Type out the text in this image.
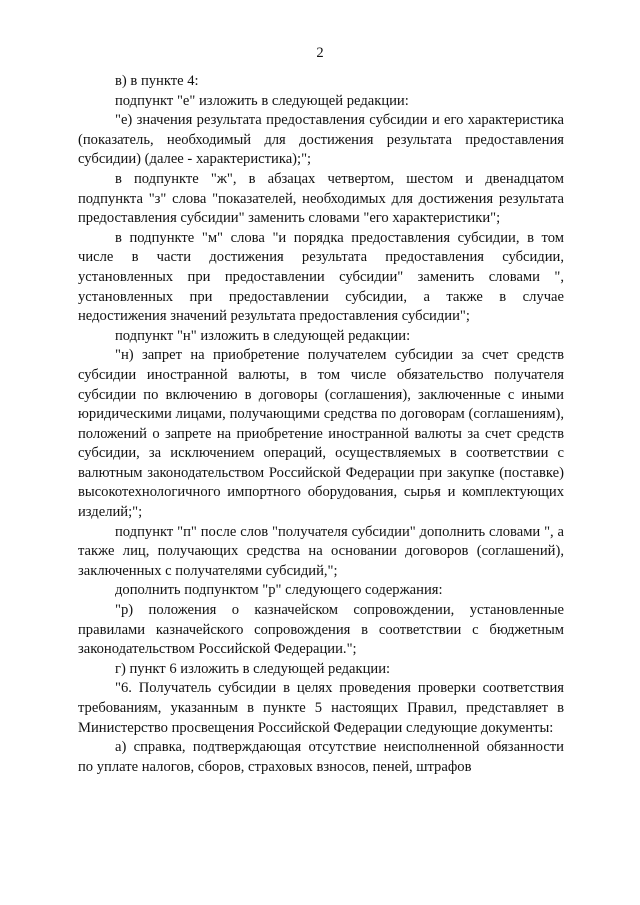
2

в) в пункте 4:

подпункт "е" изложить в следующей редакции:

"е) значения результата предоставления субсидии и его характеристика (показатель, необходимый для достижения результата предоставления субсидии) (далее - характеристика);";

в подпункте "ж", в абзацах четвертом, шестом и двенадцатом подпункта "з" слова "показателей, необходимых для достижения результата предоставления субсидии" заменить словами "его характеристики";

в подпункте "м" слова "и порядка предоставления субсидии, в том числе в части достижения результата предоставления субсидии, установленных при предоставлении субсидии" заменить словами ", установленных при предоставлении субсидии, а также в случае недостижения значений результата предоставления субсидии";

подпункт "н" изложить в следующей редакции:

"н) запрет на приобретение получателем субсидии за счет средств субсидии иностранной валюты, в том числе обязательство получателя субсидии по включению в договоры (соглашения), заключенные с иными юридическими лицами, получающими средства по договорам (соглашениям), положений о запрете на приобретение иностранной валюты за счет средств субсидии, за исключением операций, осуществляемых в соответствии с валютным законодательством Российской Федерации при закупке (поставке) высокотехнологичного импортного оборудования, сырья и комплектующих изделий;";

подпункт "п" после слов "получателя субсидии" дополнить словами ", а также лиц, получающих средства на основании договоров (соглашений), заключенных с получателями субсидий,";

дополнить подпунктом "р" следующего содержания:

"р) положения о казначейском сопровождении, установленные правилами казначейского сопровождения в соответствии с бюджетным законодательством Российской Федерации.";

г) пункт 6 изложить в следующей редакции:

"6. Получатель субсидии в целях проведения проверки соответствия требованиям, указанным в пункте 5 настоящих Правил, представляет в Министерство просвещения Российской Федерации следующие документы:

а) справка, подтверждающая отсутствие неисполненной обязанности по уплате налогов, сборов, страховых взносов, пеней, штрафов
